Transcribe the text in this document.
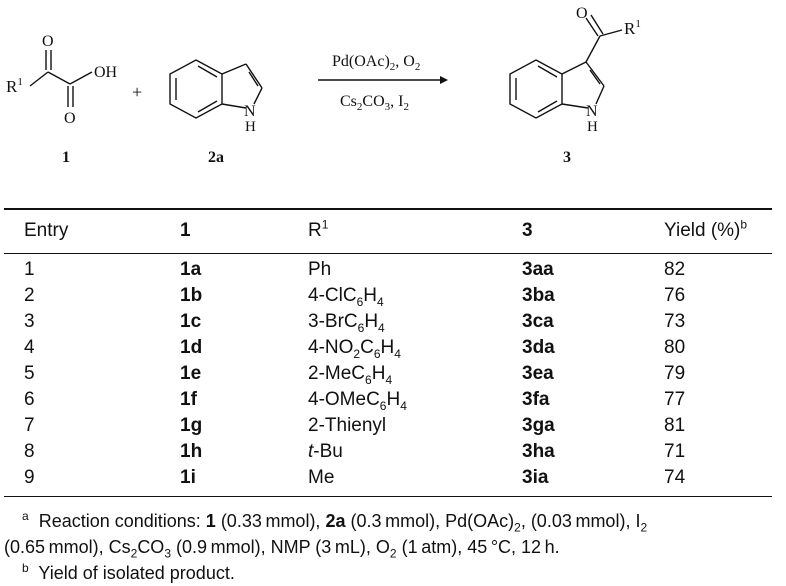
$R^1$
O
OH
O
1
+
N
H
2a
$Pd(OAc)_2$, $O_2$
$Cs_2CO_3$, $I_2$
O
$R^1$
N
H
3
Entry	1	$R^1$	3	Yield (%)$^b$
1	1a	Ph	3aa	82
2	1b	$4-ClC_6H_4$	3ba	76
3	1c	$3-BrC_6H_4$	3ca	73
4	1d	$4-NO_2C_6H_4$	3da	80
5	1e	$2-MeC_6H_4$	3ea	79
6	1f	$4-OMeC_6H_4$	3fa	77
7	1g	2-Thienyl	3ga	81
8	1h	t-Bu	3ha	71
9	1i	Me	3ia	74
$^a$  Reaction conditions: 1 (0.33 mmol), 2a (0.3 mmol), $Pd(OAc)_2$, (0.03 mmol), $I_2$
(0.65 mmol), $Cs_2CO_3$ (0.9 mmol), NMP (3 mL), $O_2$ (1 atm), 45 °C, 12 h.
$^b$ Yield of isolated product.
